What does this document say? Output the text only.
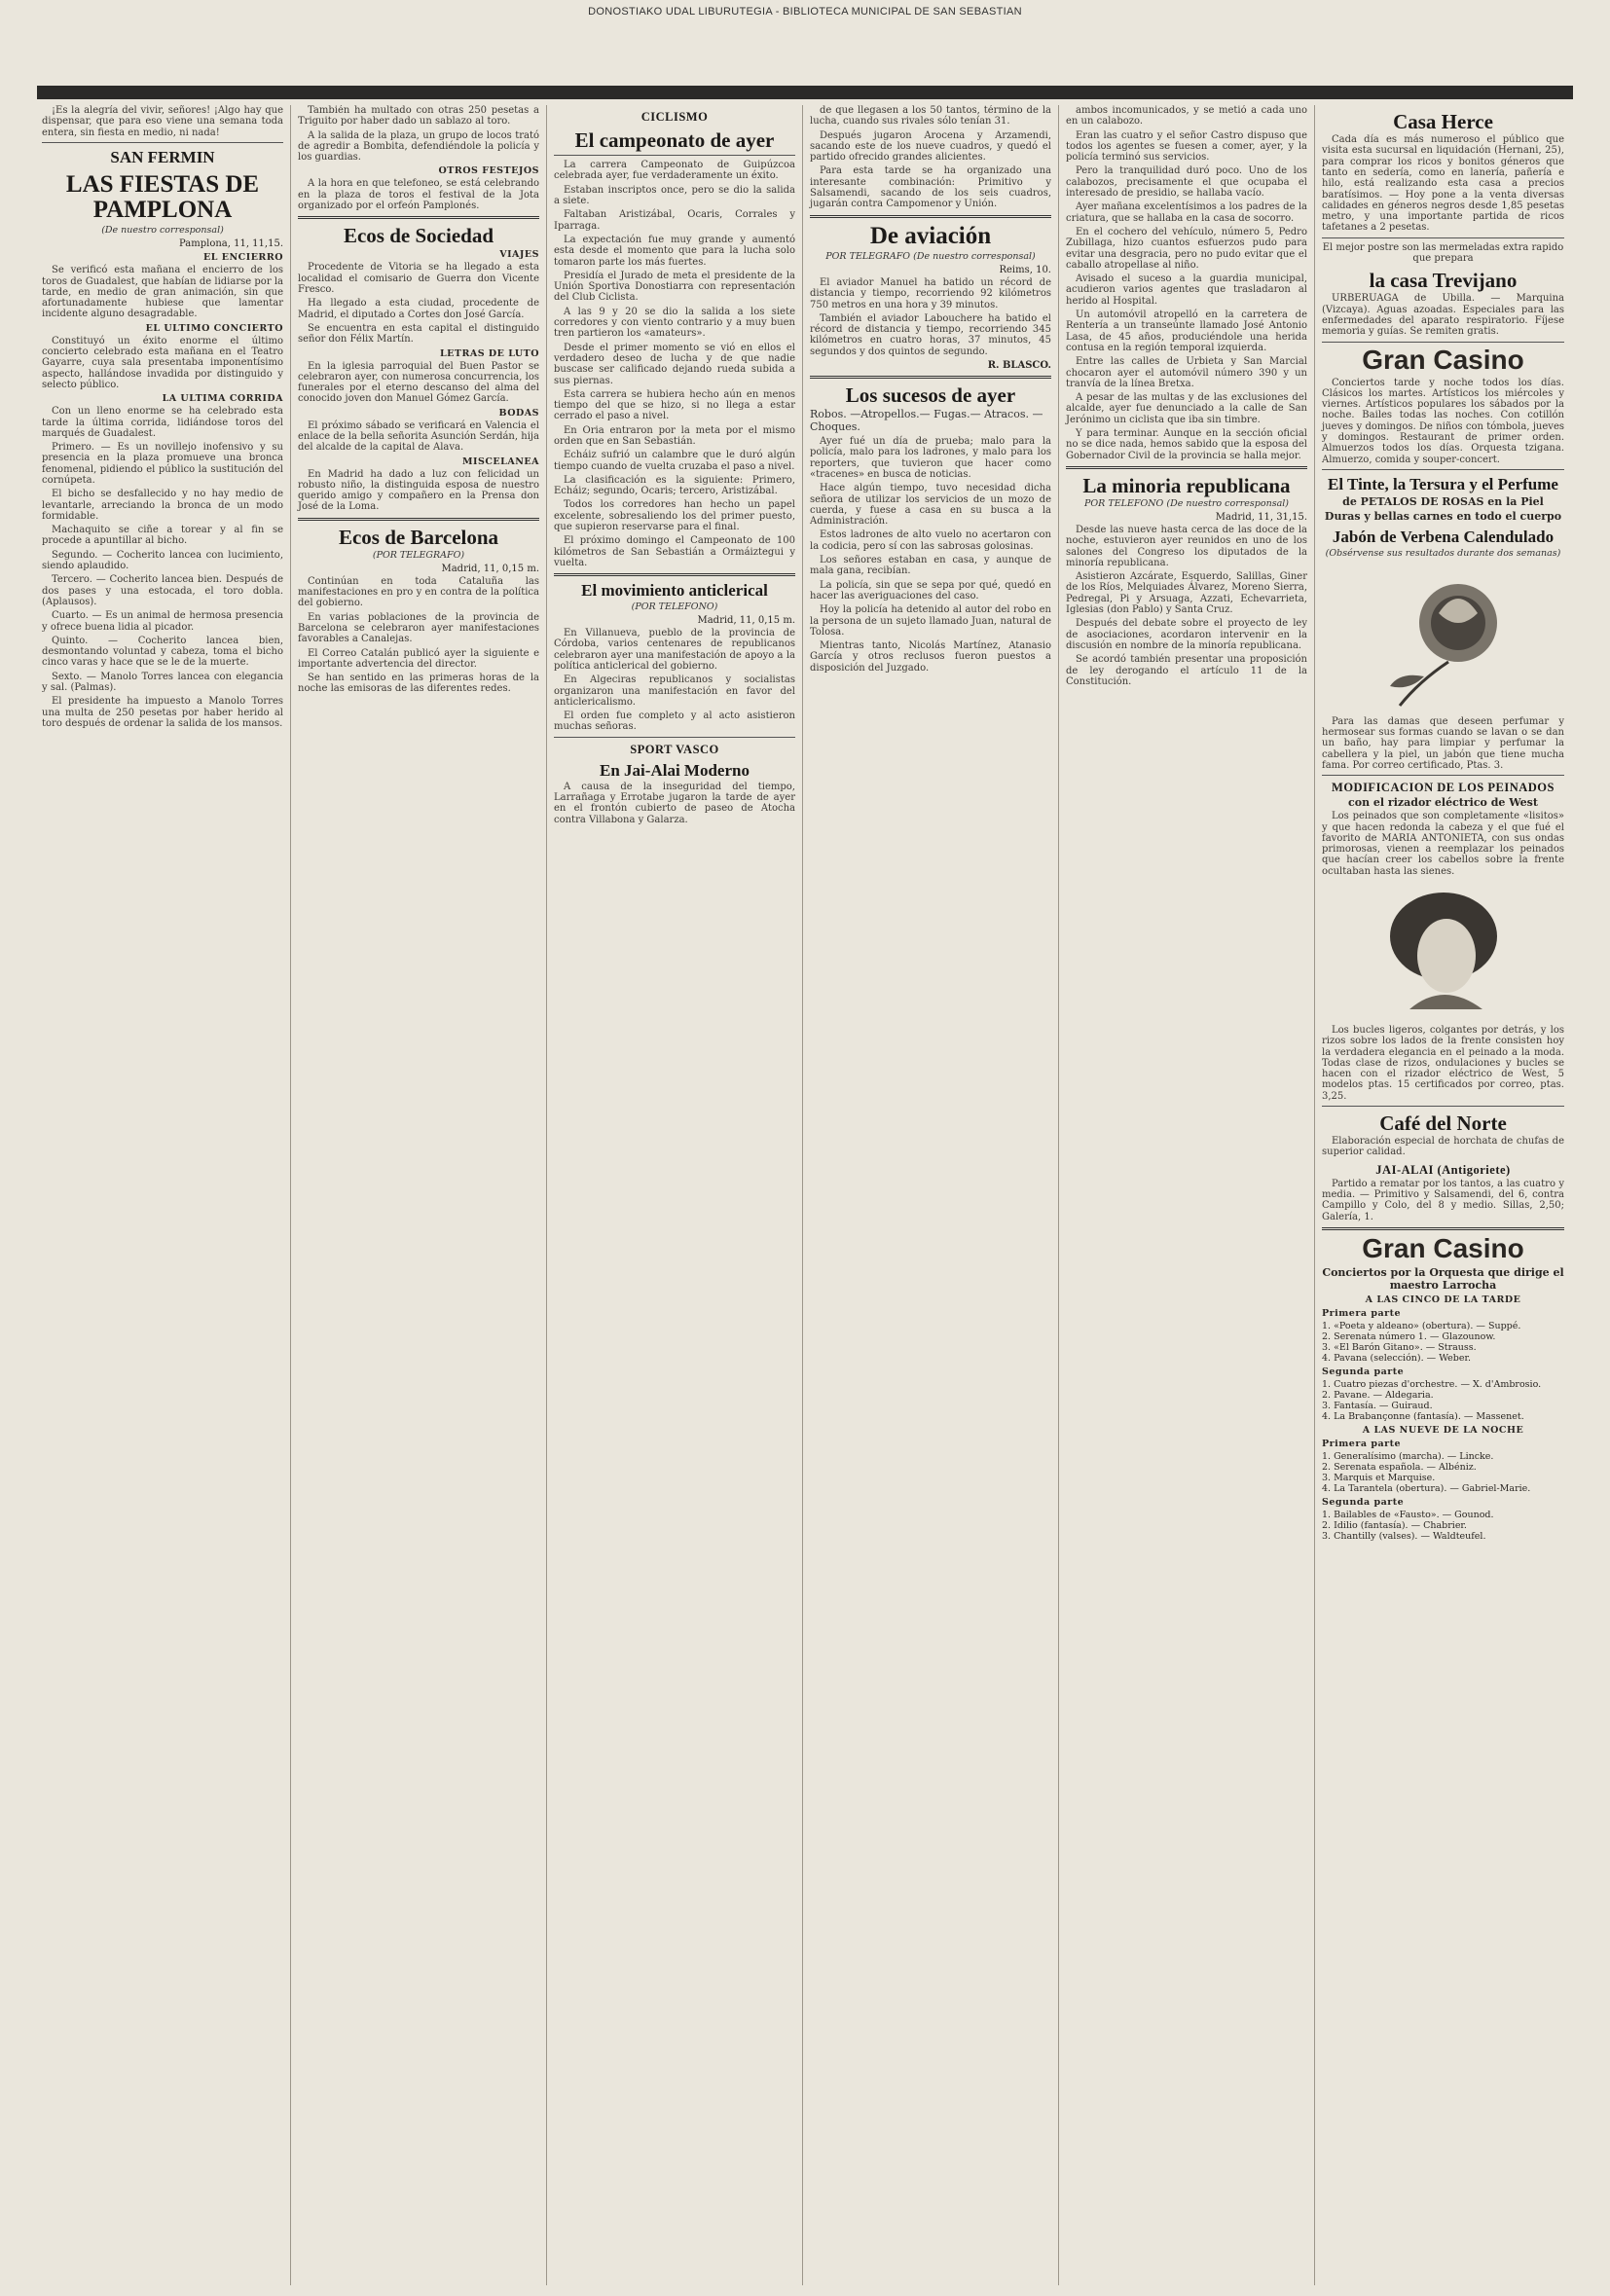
DONOSTIAKO UDAL LIBURUTEGIA - BIBLIOTECA MUNICIPAL DE SAN SEBASTIAN

¡Es la alegría del vivir, señores! ¡Algo hay que dispensar, que para eso viene una semana toda entera, sin fiesta en medio, ni nada!

SAN FERMIN
LAS FIESTAS DE PAMPLONA
(De nuestro corresponsal)
Pamplona, 11, 11,15.
EL ENCIERRO

Se verificó esta mañana el encierro de los toros de Guadalest, que habían de lidiarse por la tarde, en medio de gran animación, sin que afortunadamente hubiese que lamentar incidente alguno desagradable.

EL ULTIMO CONCIERTO

Constituyó un éxito enorme el último concierto celebrado esta mañana en el Teatro Gayarre, cuya sala presentaba imponentísimo aspecto, hallándose invadida por distinguido y selecto público.

LA ULTIMA CORRIDA

Con un lleno enorme se ha celebrado esta tarde la última corrida, lidiándose toros del marqués de Guadalest.

Primero. — Es un novillejo inofensivo y su presencia en la plaza promueve una bronca fenomenal, pidiendo el público la sustitución del cornúpeta.

El bicho se desfallecido y no hay medio de levantarle, arreciando la bronca de un modo formidable.

Machaquito se ciñe a torear y al fin se procede a apuntillar al bicho.

Segundo. — Cocherito lancea con lucimiento, siendo aplaudido.

Tercero. — Cocherito lancea bien. Después de dos pases y una estocada, el toro dobla. (Aplausos).

Cuarto. — Es un animal de hermosa presencia y ofrece buena lidia al picador.

Quinto. — Cocherito lancea bien, desmontando voluntad y cabeza, toma el bicho cinco varas y hace que se le de la muerte.

Sexto. — Manolo Torres lancea con elegancia y sal. (Palmas).

El presidente ha impuesto a Manolo Torres una multa de 250 pesetas por haber herido al toro después de ordenar la salida de los mansos.

También ha multado con otras 250 pesetas a Triguito por haber dado un sablazo al toro.

A la salida de la plaza, un grupo de locos trató de agredir a Bombita, defendiéndole la policía y los guardias.

OTROS FESTEJOS

A la hora en que telefoneo, se está celebrando en la plaza de toros el festival de la Jota organizado por el orfeón Pamplonés.

Ecos de Sociedad
VIAJES

Procedente de Vitoria se ha llegado a esta localidad el comisario de Guerra don Vicente Fresco.

Ha llegado a esta ciudad, procedente de Madrid, el diputado a Cortes don José García.

Se encuentra en esta capital el distinguido señor don Félix Martín.

LETRAS DE LUTO

En la iglesia parroquial del Buen Pastor se celebraron ayer, con numerosa concurrencia, los funerales por el eterno descanso del alma del conocido joven don Manuel Gómez García.

BODAS

El próximo sábado se verificará en Valencia el enlace de la bella señorita Asunción Serdán, hija del alcalde de la capital de Alava.

MISCELANEA

En Madrid ha dado a luz con felicidad un robusto niño, la distinguida esposa de nuestro querido amigo y compañero en la Prensa don José de la Loma.

Ecos de Barcelona
(POR TELEGRAFO)
Madrid, 11, 0,15 m.

Continúan en toda Cataluña las manifestaciones en pro y en contra de la política del gobierno.

En varias poblaciones de la provincia de Barcelona se celebraron ayer manifestaciones favorables a Canalejas.

El Correo Catalán publicó ayer la siguiente e importante advertencia del director.

Se han sentido en las primeras horas de la noche las emisoras de las diferentes redes.

CICLISMO
El campeonato de ayer

La carrera Campeonato de Guipúzcoa celebrada ayer, fue verdaderamente un éxito.

Estaban inscriptos once, pero se dio la salida a siete.

Faltaban Aristizábal, Ocaris, Corrales y Iparraga.

La expectación fue muy grande y aumentó esta desde el momento que para la lucha solo tomaron parte los más fuertes.

Presidía el Jurado de meta el presidente de la Unión Sportiva Donostiarra con representación del Club Ciclista.

A las 9 y 20 se dio la salida a los siete corredores y con viento contrario y a muy buen tren partieron los «amateurs».

Desde el primer momento se vió en ellos el verdadero deseo de lucha y de que nadie buscase ser calificado dejando rueda subida a sus piernas.

Esta carrera se hubiera hecho aún en menos tiempo del que se hizo, si no llega a estar cerrado el paso a nivel.

En Oria entraron por la meta por el mismo orden que en San Sebastián.

Echáiz sufrió un calambre que le duró algún tiempo cuando de vuelta cruzaba el paso a nivel.

La clasificación es la siguiente: Primero, Echáiz; segundo, Ocaris; tercero, Aristizábal.

Todos los corredores han hecho un papel excelente, sobresaliendo los del primer puesto, que supieron reservarse para el final.

El próximo domingo el Campeonato de 100 kilómetros de San Sebastián a Ormáiztegui y vuelta.

El movimiento anticlerical
(POR TELEFONO)
Madrid, 11, 0,15 m.

En Villanueva, pueblo de la provincia de Córdoba, varios centenares de republicanos celebraron ayer una manifestación de apoyo a la política anticlerical del gobierno.

En Algeciras republicanos y socialistas organizaron una manifestación en favor del anticlericalismo.

El orden fue completo y al acto asistieron muchas señoras.

SPORT VASCO
En Jai-Alai Moderno

A causa de la inseguridad del tiempo, Larrañaga y Errotabe jugaron la tarde de ayer en el frontón cubierto de paseo de Atocha contra Villabona y Galarza.

de que llegasen a los 50 tantos, término de la lucha, cuando sus rivales sólo tenían 31.

Después jugaron Arocena y Arzamendi, sacando este de los nueve cuadros, y quedó el partido ofrecido grandes alicientes.

Para esta tarde se ha organizado una interesante combinación: Primitivo y Salsamendi, sacando de los seis cuadros, jugarán contra Campomenor y Unión.

De aviación
POR TELEGRAFO (De nuestro corresponsal)
Reims, 10.

El aviador Manuel ha batido un récord de distancia y tiempo, recorriendo 92 kilómetros 750 metros en una hora y 39 minutos.

También el aviador Labouchere ha batido el récord de distancia y tiempo, recorriendo 345 kilómetros en cuatro horas, 37 minutos, 45 segundos y dos quintos de segundo.

R. BLASCO.
Los sucesos de ayer
Robos. —Atropellos.— Fugas.— Atracos. — Choques.

Ayer fué un día de prueba; malo para la policía, malo para los ladrones, y malo para los reporters, que tuvieron que hacer como «tracenes» en busca de noticias.

Hace algún tiempo, tuvo necesidad dicha señora de utilizar los servicios de un mozo de cuerda, y fuese a casa en su busca a la Administración.

Estos ladrones de alto vuelo no acertaron con la codicia, pero sí con las sabrosas golosinas.

Los señores estaban en casa, y aunque de mala gana, recibían.

La policía, sin que se sepa por qué, quedó en hacer las averiguaciones del caso.

Hoy la policía ha detenido al autor del robo en la persona de un sujeto llamado Juan, natural de Tolosa.

Mientras tanto, Nicolás Martínez, Atanasio García y otros reclusos fueron puestos a disposición del Juzgado.

ambos incomunicados, y se metió a cada uno en un calabozo.

Eran las cuatro y el señor Castro dispuso que todos los agentes se fuesen a comer, ayer, y la policía terminó sus servicios.

Pero la tranquilidad duró poco. Uno de los calabozos, precisamente el que ocupaba el interesado de presidio, se hallaba vacío.

Ayer mañana excelentísimos a los padres de la criatura, que se hallaba en la casa de socorro.

En el cochero del vehículo, número 5, Pedro Zubillaga, hizo cuantos esfuerzos pudo para evitar una desgracia, pero no pudo evitar que el caballo atropellase al niño.

Avisado el suceso a la guardia municipal, acudieron varios agentes que trasladaron al herido al Hospital.

Un automóvil atropelló en la carretera de Rentería a un transeúnte llamado José Antonio Lasa, de 45 años, produciéndole una herida contusa en la región temporal izquierda.

Entre las calles de Urbieta y San Marcial chocaron ayer el automóvil número 390 y un tranvía de la línea Bretxa.

A pesar de las multas y de las exclusiones del alcalde, ayer fue denunciado a la calle de San Jerónimo un ciclista que iba sin timbre.

Y para terminar. Aunque en la sección oficial no se dice nada, hemos sabido que la esposa del Gobernador Civil de la provincia se halla mejor.

La minoria republicana
POR TELEFONO (De nuestro corresponsal)
Madrid, 11, 31,15.

Desde las nueve hasta cerca de las doce de la noche, estuvieron ayer reunidos en uno de los salones del Congreso los diputados de la minoría republicana.

Asistieron Azcárate, Esquerdo, Salillas, Giner de los Ríos, Melquiades Álvarez, Moreno Sierra, Pedregal, Pi y Arsuaga, Azzati, Echevarrieta, Iglesias (don Pablo) y Santa Cruz.

Después del debate sobre el proyecto de ley de asociaciones, acordaron intervenir en la discusión en nombre de la minoría republicana.

Se acordó también presentar una proposición de ley derogando el artículo 11 de la Constitución.

Casa Herce

Cada día es más numeroso el público que visita esta sucursal en liquidación (Hernani, 25), para comprar los ricos y bonitos géneros que tanto en sedería, como en lanería, pañería e hilo, está realizando esta casa a precios baratísimos. — Hoy pone a la venta diversas calidades en géneros negros desde 1,85 pesetas metro, y una importante partida de ricos tafetanes a 2 pesetas.

El mejor postre son las mermeladas extra rapido que prepara

la casa Trevijano

URBERUAGA de Ubilla. — Marquina (Vizcaya). Aguas azoadas. Especiales para las enfermedades del aparato respiratorio. Fíjese memoria y guías. Se remiten gratis.

Gran Casino

Conciertos tarde y noche todos los días. Clásicos los martes. Artísticos los miércoles y viernes. Artísticos populares los sábados por la noche. Bailes todas las noches. Con cotillón jueves y domingos. De niños con tómbola, jueves y domingos. Restaurant de primer orden. Almuerzos todos los días. Orquesta tzigana. Almuerzo, comida y souper-concert.

El Tinte, la Tersura y el Perfume
de PETALOS DE ROSAS en la Piel
Duras y bellas carnes en todo el cuerpo
Jabón de Verbena Calendulado
(Obsérvense sus resultados durante dos semanas)

Para las damas que deseen perfumar y hermosear sus formas cuando se lavan o se dan un baño, hay para limpiar y perfumar la cabellera y la piel, un jabón que tiene mucha fama. Por correo certificado, Ptas. 3.

MODIFICACION DE LOS PEINADOS
con el rizador eléctrico de West

Los peinados que son completamente «lisitos» y que hacen redonda la cabeza y el que fué el favorito de MARIA ANTONIETA, con sus ondas primorosas, vienen a reemplazar los peinados que hacían creer los cabellos sobre la frente ocultaban hasta las sienes.

Los bucles ligeros, colgantes por detrás, y los rizos sobre los lados de la frente consisten hoy la verdadera elegancia en el peinado a la moda. Todas clase de rizos, ondulaciones y bucles se hacen con el rizador eléctrico de West, 5 modelos ptas. 15 certificados por correo, ptas. 3,25.

Café del Norte

Elaboración especial de horchata de chufas de superior calidad.

JAI-ALAI (Antigoriete)

Partido a rematar por los tantos, a las cuatro y media. — Primitivo y Salsamendi, del 6, contra Campillo y Colo, del 8 y medio. Sillas, 2,50; Galería, 1.

Gran Casino
Conciertos por la Orquesta que dirige el maestro Larrocha
A LAS CINCO DE LA TARDE
Primera parte

1. «Poeta y aldeano» (obertura). — Suppé.

2. Serenata número 1. — Glazounow.

3. «El Barón Gitano». — Strauss.

4. Pavana (selección). — Weber.

Segunda parte

1. Cuatro piezas d'orchestre. — X. d'Ambrosio.

2. Pavane. — Aldegaria.

3. Fantasía. — Guiraud.

4. La Brabançonne (fantasía). — Massenet.

A LAS NUEVE DE LA NOCHE
Primera parte

1. Generalísimo (marcha). — Lincke.

2. Serenata española. — Albéniz.

3. Marquis et Marquise.

4. La Tarantela (obertura). — Gabriel-Marie.

Segunda parte

1. Bailables de «Fausto». — Gounod.

2. Idilio (fantasía). — Chabrier.

3. Chantilly (valses). — Waldteufel.
